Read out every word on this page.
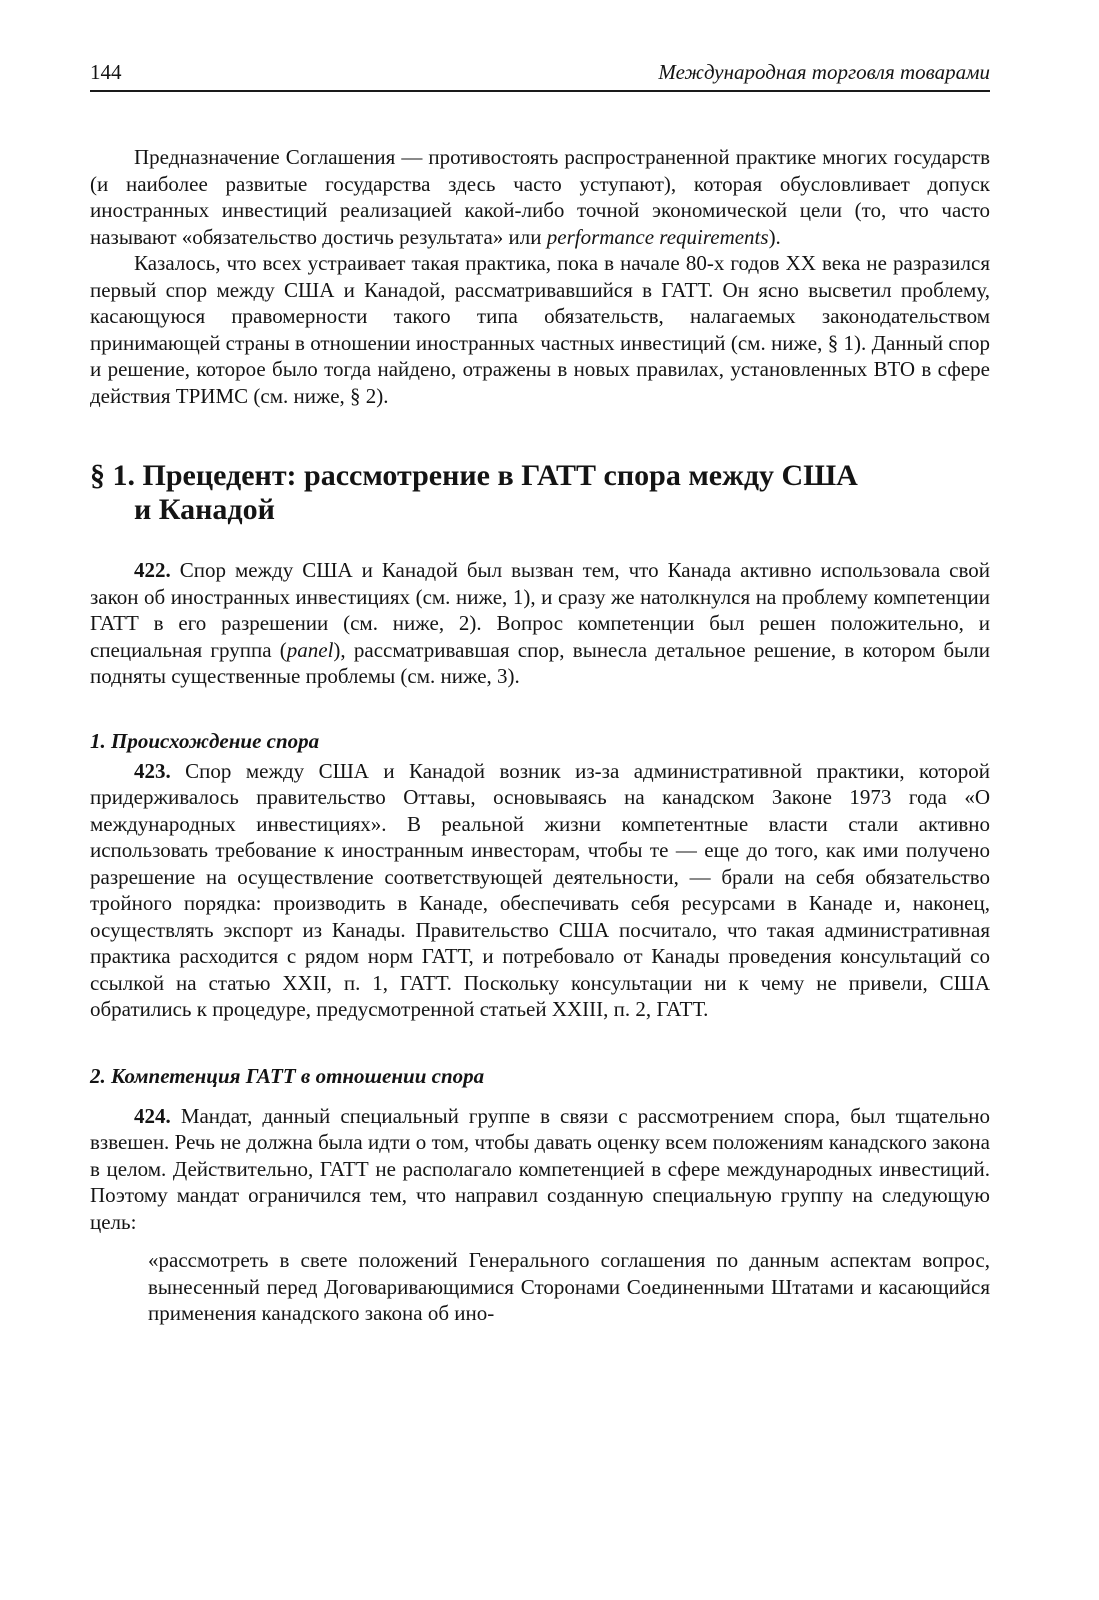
144	Международная торговля товарами

Предназначение Соглашения — противостоять распространенной практике многих государств (и наиболее развитые государства здесь часто уступают), которая обусловливает допуск иностранных инвестиций реализацией какой-либо точной экономической цели (то, что часто называют «обязательство достичь результата» или performance requirements).

Казалось, что всех устраивает такая практика, пока в начале 80-х годов XX века не разразился первый спор между США и Канадой, рассматривавшийся в ГАТТ. Он ясно высветил проблему, касающуюся правомерности такого типа обязательств, налагаемых законодательством принимающей страны в отношении иностранных частных инвестиций (см. ниже, § 1). Данный спор и решение, которое было тогда найдено, отражены в новых правилах, установленных ВТО в сфере действия ТРИМС (см. ниже, § 2).

§ 1. Прецедент: рассмотрение в ГАТТ спора между США
и Канадой

422. Спор между США и Канадой был вызван тем, что Канада активно использовала свой закон об иностранных инвестициях (см. ниже, 1), и сразу же натолкнулся на проблему компетенции ГАТТ в его разрешении (см. ниже, 2). Вопрос компетенции был решен положительно, и специальная группа (panel), рассматривавшая спор, вынесла детальное решение, в котором были подняты существенные проблемы (см. ниже, 3).

1. Происхождение спора

423. Спор между США и Канадой возник из-за административной практики, которой придерживалось правительство Оттавы, основываясь на канадском Законе 1973 года «О международных инвестициях». В реальной жизни компетентные власти стали активно использовать требование к иностранным инвесторам, чтобы те — еще до того, как ими получено разрешение на осуществление соответствующей деятельности, — брали на себя обязательство тройного порядка: производить в Канаде, обеспечивать себя ресурсами в Канаде и, наконец, осуществлять экспорт из Канады. Правительство США посчитало, что такая административная практика расходится с рядом норм ГАТТ, и потребовало от Канады проведения консультаций со ссылкой на статью XXII, п. 1, ГАТТ. Поскольку консультации ни к чему не привели, США обратились к процедуре, предусмотренной статьей XXIII, п. 2, ГАТТ.

2. Компетенция ГАТТ в отношении спора

424. Мандат, данный специальный группе в связи с рассмотрением спора, был тщательно взвешен. Речь не должна была идти о том, чтобы давать оценку всем положениям канадского закона в целом. Действительно, ГАТТ не располагало компетенцией в сфере международных инвестиций. Поэтому мандат ограничился тем, что направил созданную специальную группу на следующую цель:

«рассмотреть в свете положений Генерального соглашения по данным аспектам вопрос, вынесенный перед Договаривающимися Сторонами Соединенными Штатами и касающийся применения канадского закона об ино-
